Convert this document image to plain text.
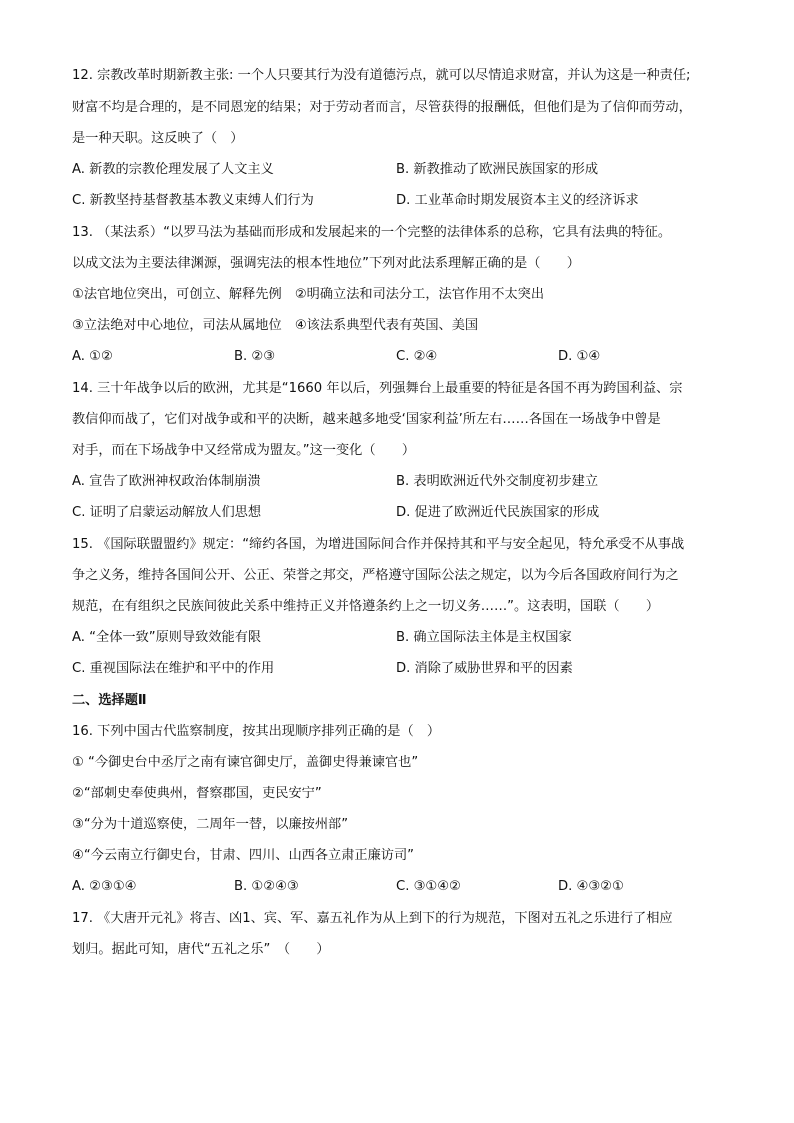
12. 宗教改革时期新教主张: 一个人只要其行为没有道德污点，就可以尽情追求财富，并认为这是一种责任;
财富不均是合理的，是不同恩宠的结果；对于劳动者而言，尽管获得的报酬低，但他们是为了信仰而劳动，
是一种天职。这反映了（　）
A. 新教的宗教伦理发展了人文主义	B. 新教推动了欧洲民族国家的形成
C. 新教坚持基督教基本教义束缚人们行为	D. 工业革命时期发展资本主义的经济诉求
13. （某法系）“以罗马法为基础而形成和发展起来的一个完整的法律体系的总称，它具有法典的特征。
以成文法为主要法律渊源，强调宪法的根本性地位”下列对此法系理解正确的是（　　）
①法官地位突出，可创立、解释先例　②明确立法和司法分工，法官作用不太突出
③立法绝对中心地位，司法从属地位　④该法系典型代表有英国、美国
A. ①②	B. ②③	C. ②④	D. ①④
14. 三十年战争以后的欧洲，尤其是“1660 年以后，列强舞台上最重要的特征是各国不再为跨国利益、宗
教信仰而战了，它们对战争或和平的决断，越来越多地受‘国家利益’所左右……各国在一场战争中曾是
对手，而在下场战争中又经常成为盟友。”这一变化（　　）
A. 宣告了欧洲神权政治体制崩溃	B. 表明欧洲近代外交制度初步建立
C. 证明了启蒙运动解放人们思想	D. 促进了欧洲近代民族国家的形成
15. 《国际联盟盟约》规定：“缔约各国，为增进国际间合作并保持其和平与安全起见，特允承受不从事战
争之义务，维持各国间公开、公正、荣誉之邦交，严格遵守国际公法之规定，以为今后各国政府间行为之
规范，在有组织之民族间彼此关系中维持正义并恪遵条约上之一切义务……”。这表明，国联（　　）
A. “全体一致”原则导致效能有限	B. 确立国际法主体是主权国家
C. 重视国际法在维护和平中的作用	D. 消除了威胁世界和平的因素
二、选择题Ⅱ
16. 下列中国古代监察制度，按其出现顺序排列正确的是（　）
① “今御史台中丞厅之南有谏官御史厅，盖御史得兼谏官也”
②“部刺史奉使典州，督察郡国，吏民安宁”
③“分为十道巡察使，二周年一替，以廉按州部”
④“今云南立行御史台，甘肃、四川、山西各立肃正廉访司”
A. ②③①④	B. ①②④③	C. ③①④②	D. ④③②①
17. 《大唐开元礼》将吉、凶1、宾、军、嘉五礼作为从上到下的行为规范，下图对五礼之乐进行了相应
划归。据此可知，唐代“五礼之乐”　（　　）
